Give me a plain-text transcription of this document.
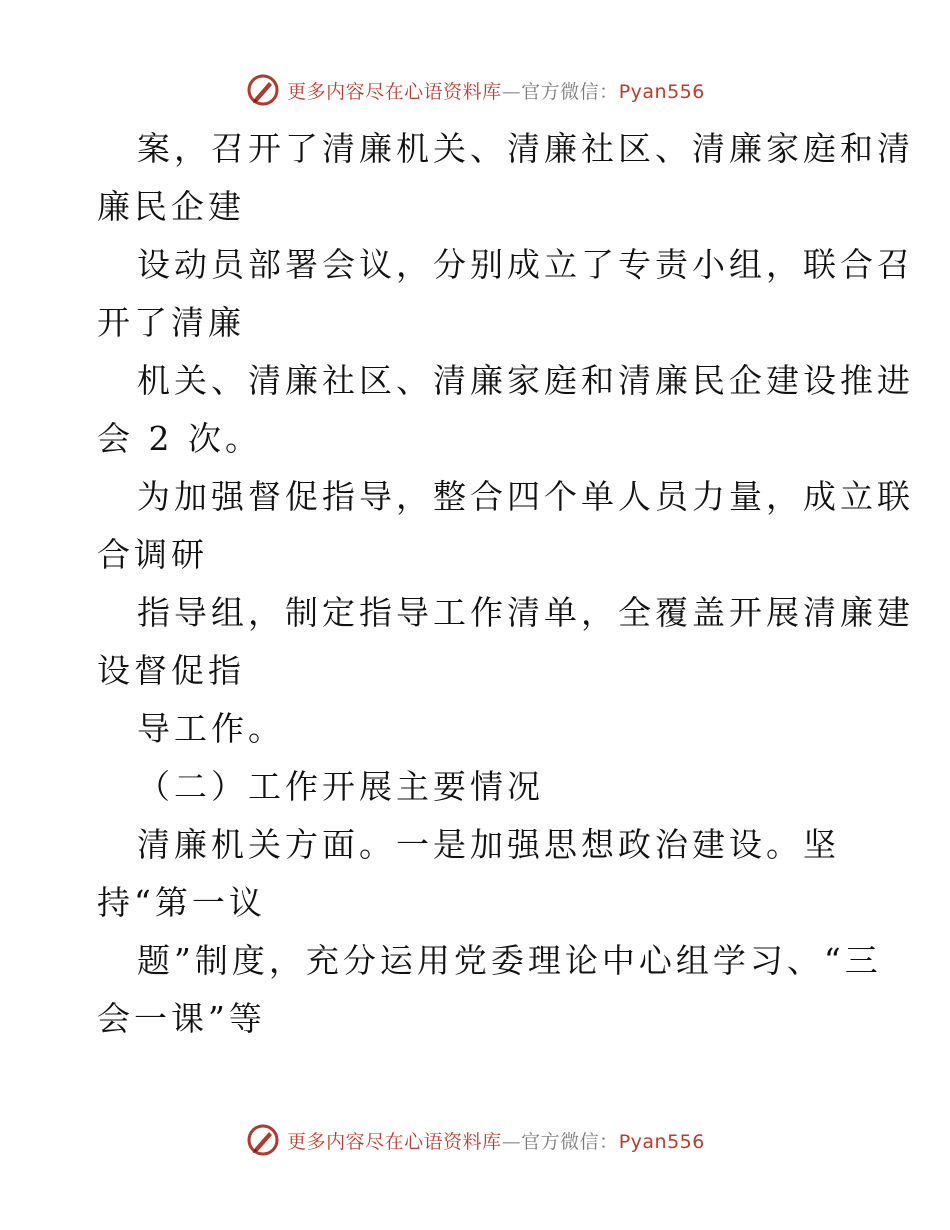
更多内容尽在心语资料库—官方微信：Pyan556
案，召开了清廉机关、清廉社区、清廉家庭和清
廉民企建
设动员部署会议，分别成立了专责小组，联合召
开了清廉
机关、清廉社区、清廉家庭和清廉民企建设推进
会 2 次。
为加强督促指导，整合四个单人员力量，成立联
合调研
指导组，制定指导工作清单，全覆盖开展清廉建
设督促指
导工作。
（二）工作开展主要情况
清廉机关方面。一是加强思想政治建设。坚
持“第一议
题”制度，充分运用党委理论中心组学习、“三
会一课”等
更多内容尽在心语资料库—官方微信：Pyan556
